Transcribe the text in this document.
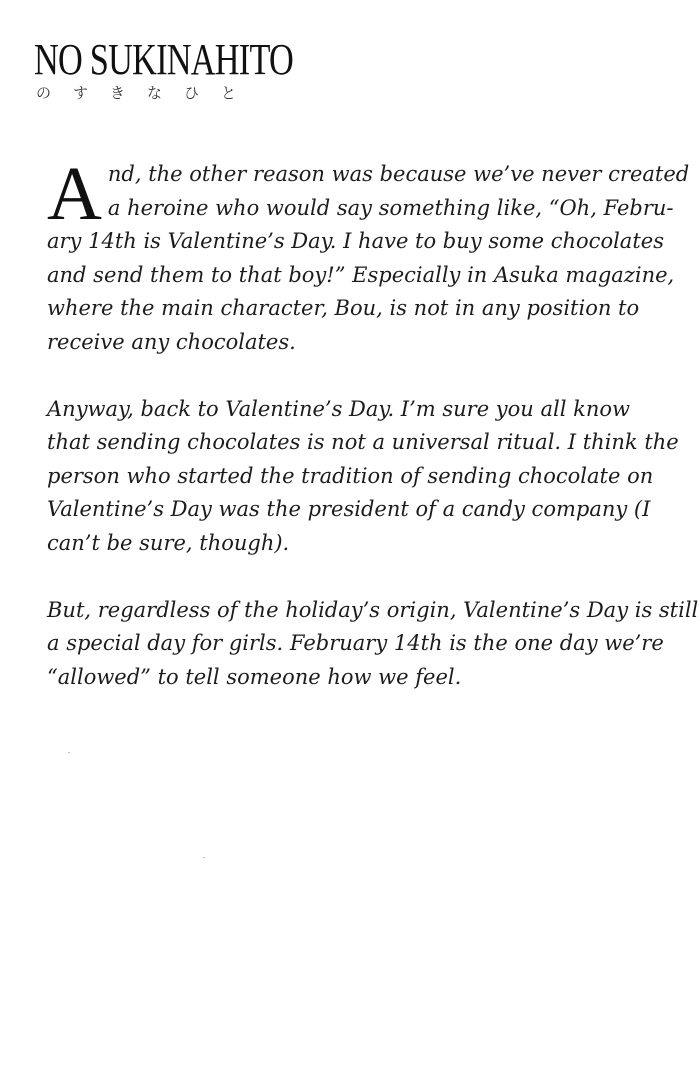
NO SUKINAHITO
のすきなひと
A nd, the other reason was because we’ve never created
a heroine who would say something like, “Oh, Febru-
ary 14th is Valentine’s Day. I have to buy some chocolates
and send them to that boy!” Especially in Asuka magazine,
where the main character, Bou, is not in any position to
receive any chocolates.
Anyway, back to Valentine’s Day. I’m sure you all know
that sending chocolates is not a universal ritual. I think the
person who started the tradition of sending chocolate on
Valentine’s Day was the president of a candy company (I
can’t be sure, though).
But, regardless of the holiday’s origin, Valentine’s Day is still
a special day for girls. February 14th is the one day we’re
“allowed” to tell someone how we feel.
